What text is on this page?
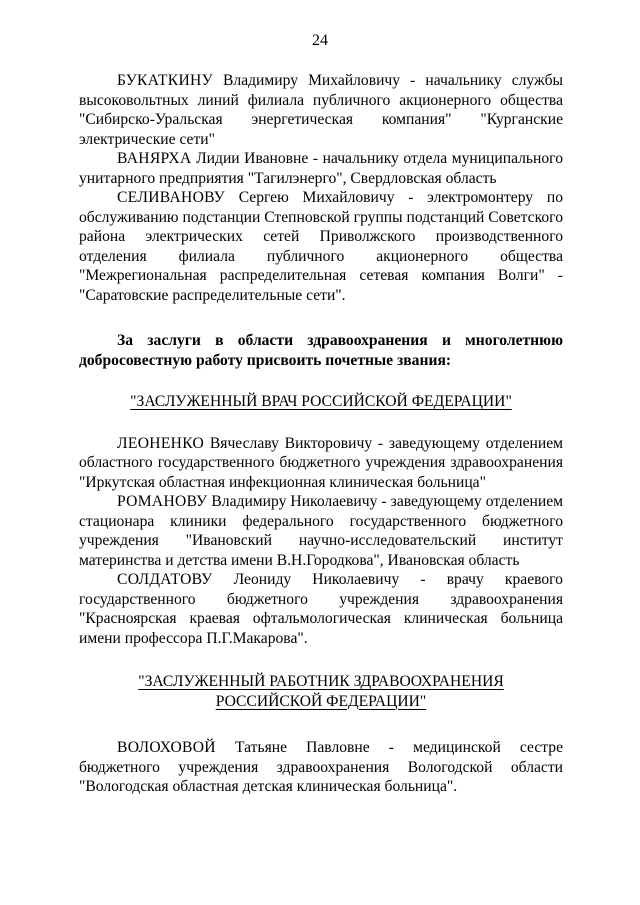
24

БУКАТКИНУ Владимиру Михайловичу - начальнику службы высоковольтных линий филиала публичного акционерного общества "Сибирско-Уральская энергетическая компания" "Курганские электрические сети"

ВАНЯРХА Лидии Ивановне - начальнику отдела муниципального унитарного предприятия "Тагилэнерго", Свердловская область

СЕЛИВАНОВУ Сергею Михайловичу - электромонтеру по обслуживанию подстанции Степновской группы подстанций Советского района электрических сетей Приволжского производственного отделения филиала публичного акционерного общества "Межрегиональная распределительная сетевая компания Волги" - "Саратовские распределительные сети".

За заслуги в области здравоохранения и многолетнюю добросовестную работу присвоить почетные звания:

"ЗАСЛУЖЕННЫЙ ВРАЧ РОССИЙСКОЙ ФЕДЕРАЦИИ"

ЛЕОНЕНКО Вячеславу Викторовичу - заведующему отделением областного государственного бюджетного учреждения здравоохранения "Иркутская областная инфекционная клиническая больница"

РОМАНОВУ Владимиру Николаевичу - заведующему отделением стационара клиники федерального государственного бюджетного учреждения "Ивановский научно-исследовательский институт материнства и детства имени В.Н.Городкова", Ивановская область

СОЛДАТОВУ Леониду Николаевичу - врачу краевого государственного бюджетного учреждения здравоохранения "Красноярская краевая офтальмологическая клиническая больница имени профессора П.Г.Макарова".

"ЗАСЛУЖЕННЫЙ РАБОТНИК ЗДРАВООХРАНЕНИЯ
РОССИЙСКОЙ ФЕДЕРАЦИИ"

ВОЛОХОВОЙ Татьяне Павловне - медицинской сестре бюджетного учреждения здравоохранения Вологодской области "Вологодская областная детская клиническая больница".
